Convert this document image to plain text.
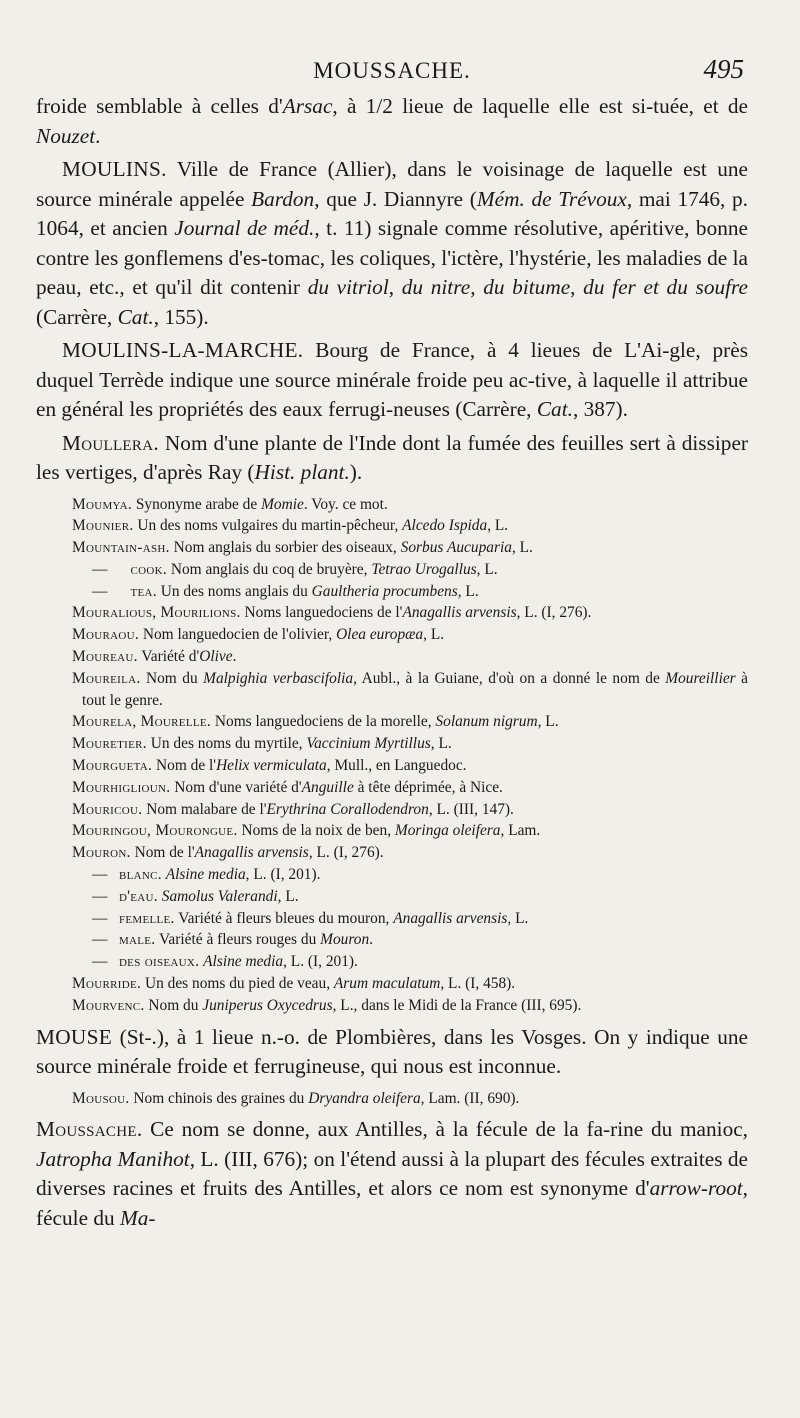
MOUSSACHE.	495

froide semblable à celles d'Arsac, à 1/2 lieue de laquelle elle est si-tuée, et de Nouzet.

MOULINS. Ville de France (Allier), dans le voisinage de laquelle est une source minérale appelée Bardon, que J. Diannyre (Mém. de Trévoux, mai 1746, p. 1064, et ancien Journal de méd., t. 11) signale comme résolutive, apéritive, bonne contre les gonflemens d'es-tomac, les coliques, l'ictère, l'hystérie, les maladies de la peau, etc., et qu'il dit contenir du vitriol, du nitre, du bitume, du fer et du soufre (Carrère, Cat., 155).

MOULINS-LA-MARCHE. Bourg de France, à 4 lieues de L'Ai-gle, près duquel Terrède indique une source minérale froide peu ac-tive, à laquelle il attribue en général les propriétés des eaux ferrugi-neuses (Carrère, Cat., 387).

Moullera. Nom d'une plante de l'Inde dont la fumée des feuilles sert à dissiper les vertiges, d'après Ray (Hist. plant.).

Moumya. Synonyme arabe de Momie. Voy. ce mot.

Mounier. Un des noms vulgaires du martin-pêcheur, Alcedo Ispida, L.

Mountain-ash. Nom anglais du sorbier des oiseaux, Sorbus Aucuparia, L.

— cook. Nom anglais du coq de bruyère, Tetrao Urogallus, L.

— tea. Un des noms anglais du Gaultheria procumbens, L.

Mouralious, Mourilions. Noms languedociens de l'Anagallis arvensis, L. (I, 276).

Mouraou. Nom languedocien de l'olivier, Olea europæa, L.

Moureau. Variété d'Olive.

Moureila. Nom du Malpighia verbascifolia, Aubl., à la Guiane, d'où on a donné le nom de Moureillier à tout le genre.

Mourela, Mourelle. Noms languedociens de la morelle, Solanum nigrum, L.

Mouretier. Un des noms du myrtile, Vaccinium Myrtillus, L.

Mourgueta. Nom de l'Helix vermiculata, Mull., en Languedoc.

Mourhiglioun. Nom d'une variété d'Anguille à tête déprimée, à Nice.

Mouricou. Nom malabare de l'Erythrina Corallodendron, L. (III, 147).

Mouringou, Mourongue. Noms de la noix de ben, Moringa oleifera, Lam.

Mouron. Nom de l'Anagallis arvensis, L. (I, 276).

— blanc. Alsine media, L. (I, 201).

— d'eau. Samolus Valerandi, L.

— femelle. Variété à fleurs bleues du mouron, Anagallis arvensis, L.

— male. Variété à fleurs rouges du Mouron.

— des oiseaux. Alsine media, L. (I, 201).

Mourride. Un des noms du pied de veau, Arum maculatum, L. (I, 458).

Mourvenc. Nom du Juniperus Oxycedrus, L., dans le Midi de la France (III, 695).

MOUSE (St-.), à 1 lieue n.-o. de Plombières, dans les Vosges. On y indique une source minérale froide et ferrugineuse, qui nous est inconnue.

Mousou. Nom chinois des graines du Dryandra oleifera, Lam. (II, 690).

Moussache. Ce nom se donne, aux Antilles, à la fécule de la fa-rine du manioc, Jatropha Manihot, L. (III, 676); on l'étend aussi à la plupart des fécules extraites de diverses racines et fruits des Antilles, et alors ce nom est synonyme d'arrow-root, fécule du Ma-
